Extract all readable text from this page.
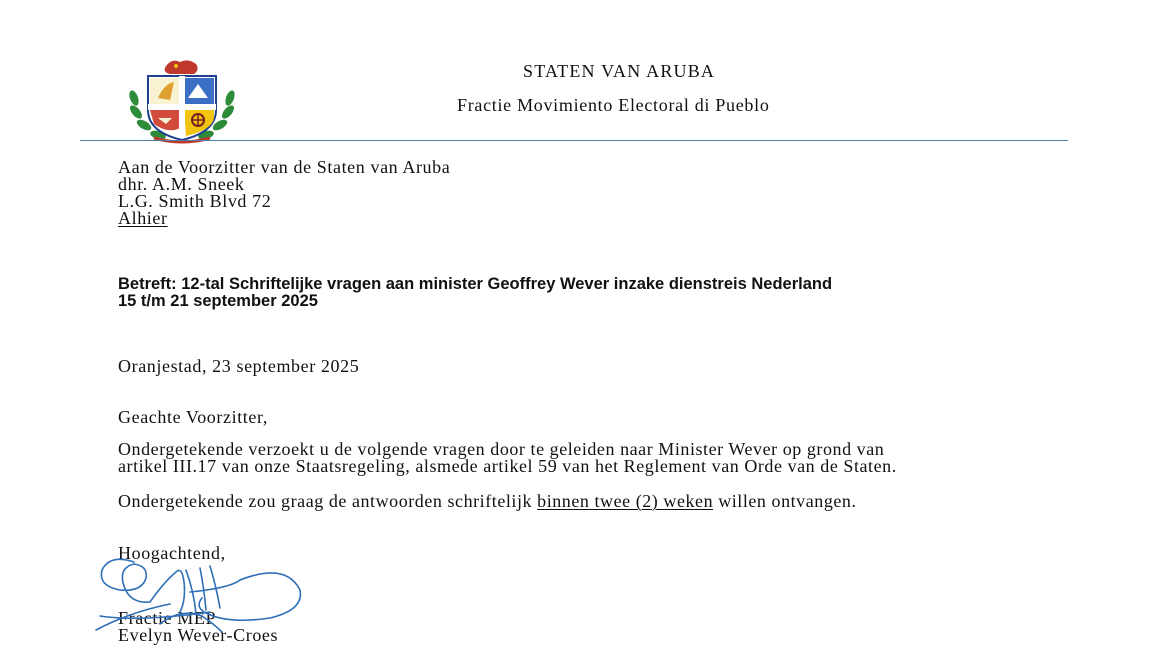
STATEN VAN ARUBA
Fractie Movimiento Electoral di Pueblo
Aan de Voorzitter van de Staten van Aruba
dhr. A.M. Sneek
L.G. Smith Blvd 72
Alhier
Betreft: 12-tal Schriftelijke vragen aan minister Geoffrey Wever inzake dienstreis Nederland
15 t/m 21 september 2025
Oranjestad, 23 september 2025
Geachte Voorzitter,
Ondergetekende verzoekt u de volgende vragen door te geleiden naar Minister Wever op grond van
artikel III.17 van onze Staatsregeling, alsmede artikel 59 van het Reglement van Orde van de Staten.
Ondergetekende zou graag de antwoorden schriftelijk binnen twee (2) weken willen ontvangen.
Hoogachtend,
Fractie MEP
Evelyn Wever-Croes
